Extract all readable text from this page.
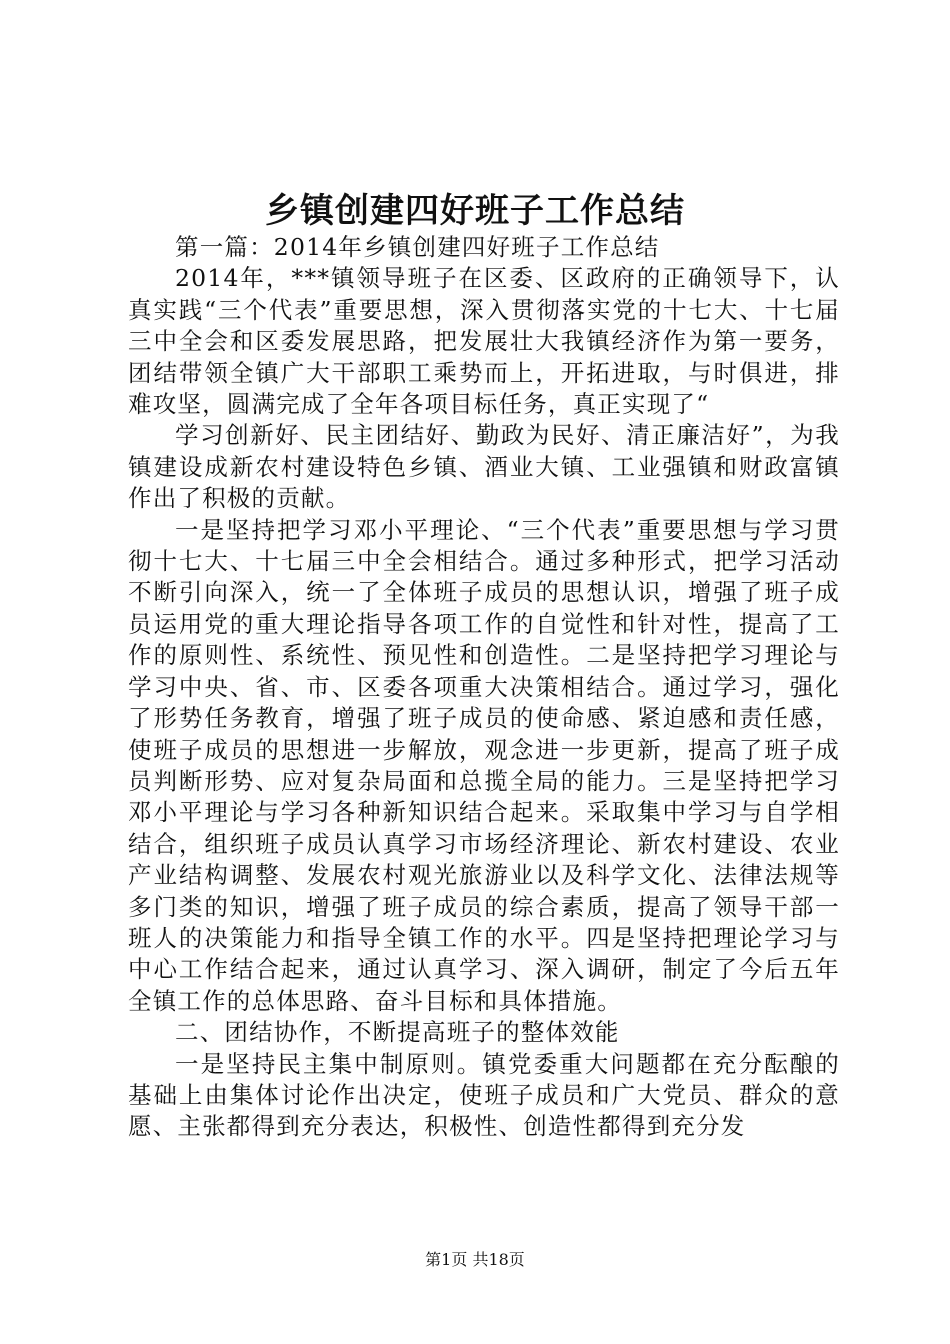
乡镇创建四好班子工作总结

第一篇：2014年乡镇创建四好班子工作总结

2014年，***镇领导班子在区委、区政府的正确领导下，认真实践“三个代表”重要思想，深入贯彻落实党的十七大、十七届三中全会和区委发展思路，把发展壮大我镇经济作为第一要务，团结带领全镇广大干部职工乘势而上，开拓进取，与时俱进，排难攻坚，圆满完成了全年各项目标任务，真正实现了“

学习创新好、民主团结好、勤政为民好、清正廉洁好”，为我镇建设成新农村建设特色乡镇、酒业大镇、工业强镇和财政富镇作出了积极的贡献。

一是坚持把学习邓小平理论、“三个代表”重要思想与学习贯彻十七大、十七届三中全会相结合。通过多种形式，把学习活动不断引向深入，统一了全体班子成员的思想认识，增强了班子成员运用党的重大理论指导各项工作的自觉性和针对性，提高了工作的原则性、系统性、预见性和创造性。二是坚持把学习理论与学习中央、省、市、区委各项重大决策相结合。通过学习，强化了形势任务教育，增强了班子成员的使命感、紧迫感和责任感，使班子成员的思想进一步解放，观念进一步更新，提高了班子成员判断形势、应对复杂局面和总揽全局的能力。三是坚持把学习邓小平理论与学习各种新知识结合起来。采取集中学习与自学相结合，组织班子成员认真学习市场经济理论、新农村建设、农业产业结构调整、发展农村观光旅游业以及科学文化、法律法规等多门类的知识，增强了班子成员的综合素质，提高了领导干部一班人的决策能力和指导全镇工作的水平。四是坚持把理论学习与中心工作结合起来，通过认真学习、深入调研，制定了今后五年全镇工作的总体思路、奋斗目标和具体措施。

二、团结协作，不断提高班子的整体效能

一是坚持民主集中制原则。镇党委重大问题都在充分酝酿的基础上由集体讨论作出决定，使班子成员和广大党员、群众的意愿、主张都得到充分表达，积极性、创造性都得到充分发

第1页 共18页
